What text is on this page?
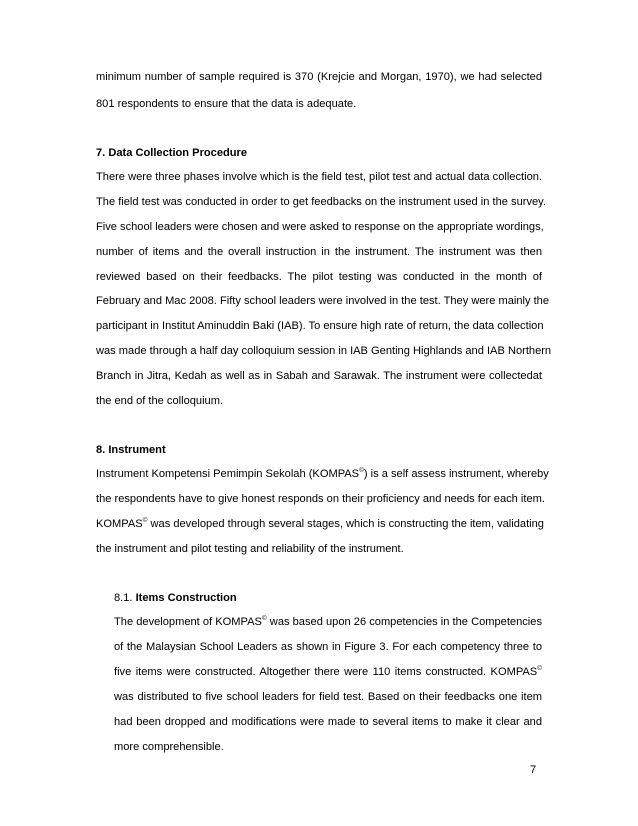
minimum number of sample required is 370 (Krejcie and Morgan, 1970), we had selected
801 respondents to ensure that the data is adequate.
7. Data Collection Procedure
There were three phases involve which is the field test, pilot test and actual data collection.
The field test was conducted in order to get feedbacks on the instrument used in the survey.
Five school leaders were chosen and were asked to response on the appropriate wordings,
number of items and the overall instruction in the instrument. The instrument was then
reviewed based on their feedbacks. The pilot testing was conducted in the month of
February and Mac 2008. Fifty school leaders were involved in the test. They were mainly the
participant in Institut Aminuddin Baki (IAB). To ensure high rate of return, the data collection
was made through a half day colloquium session in IAB Genting Highlands and IAB Northern
Branch in Jitra, Kedah as well as in Sabah and Sarawak. The instrument were collectedat
the end of the colloquium.
8. Instrument
Instrument Kompetensi Pemimpin Sekolah (KOMPAS©) is a self assess instrument, whereby
the respondents have to give honest responds on their proficiency and needs for each item.
KOMPAS© was developed through several stages, which is constructing the item, validating
the instrument and pilot testing and reliability of the instrument.
8.1. Items Construction
The development of KOMPAS© was based upon 26 competencies in the Competencies
of the Malaysian School Leaders as shown in Figure 3. For each competency three to
five items were constructed. Altogether there were 110 items constructed. KOMPAS©
was distributed to five school leaders for field test. Based on their feedbacks one item
had been dropped and modifications were made to several items to make it clear and
more comprehensible.
7
